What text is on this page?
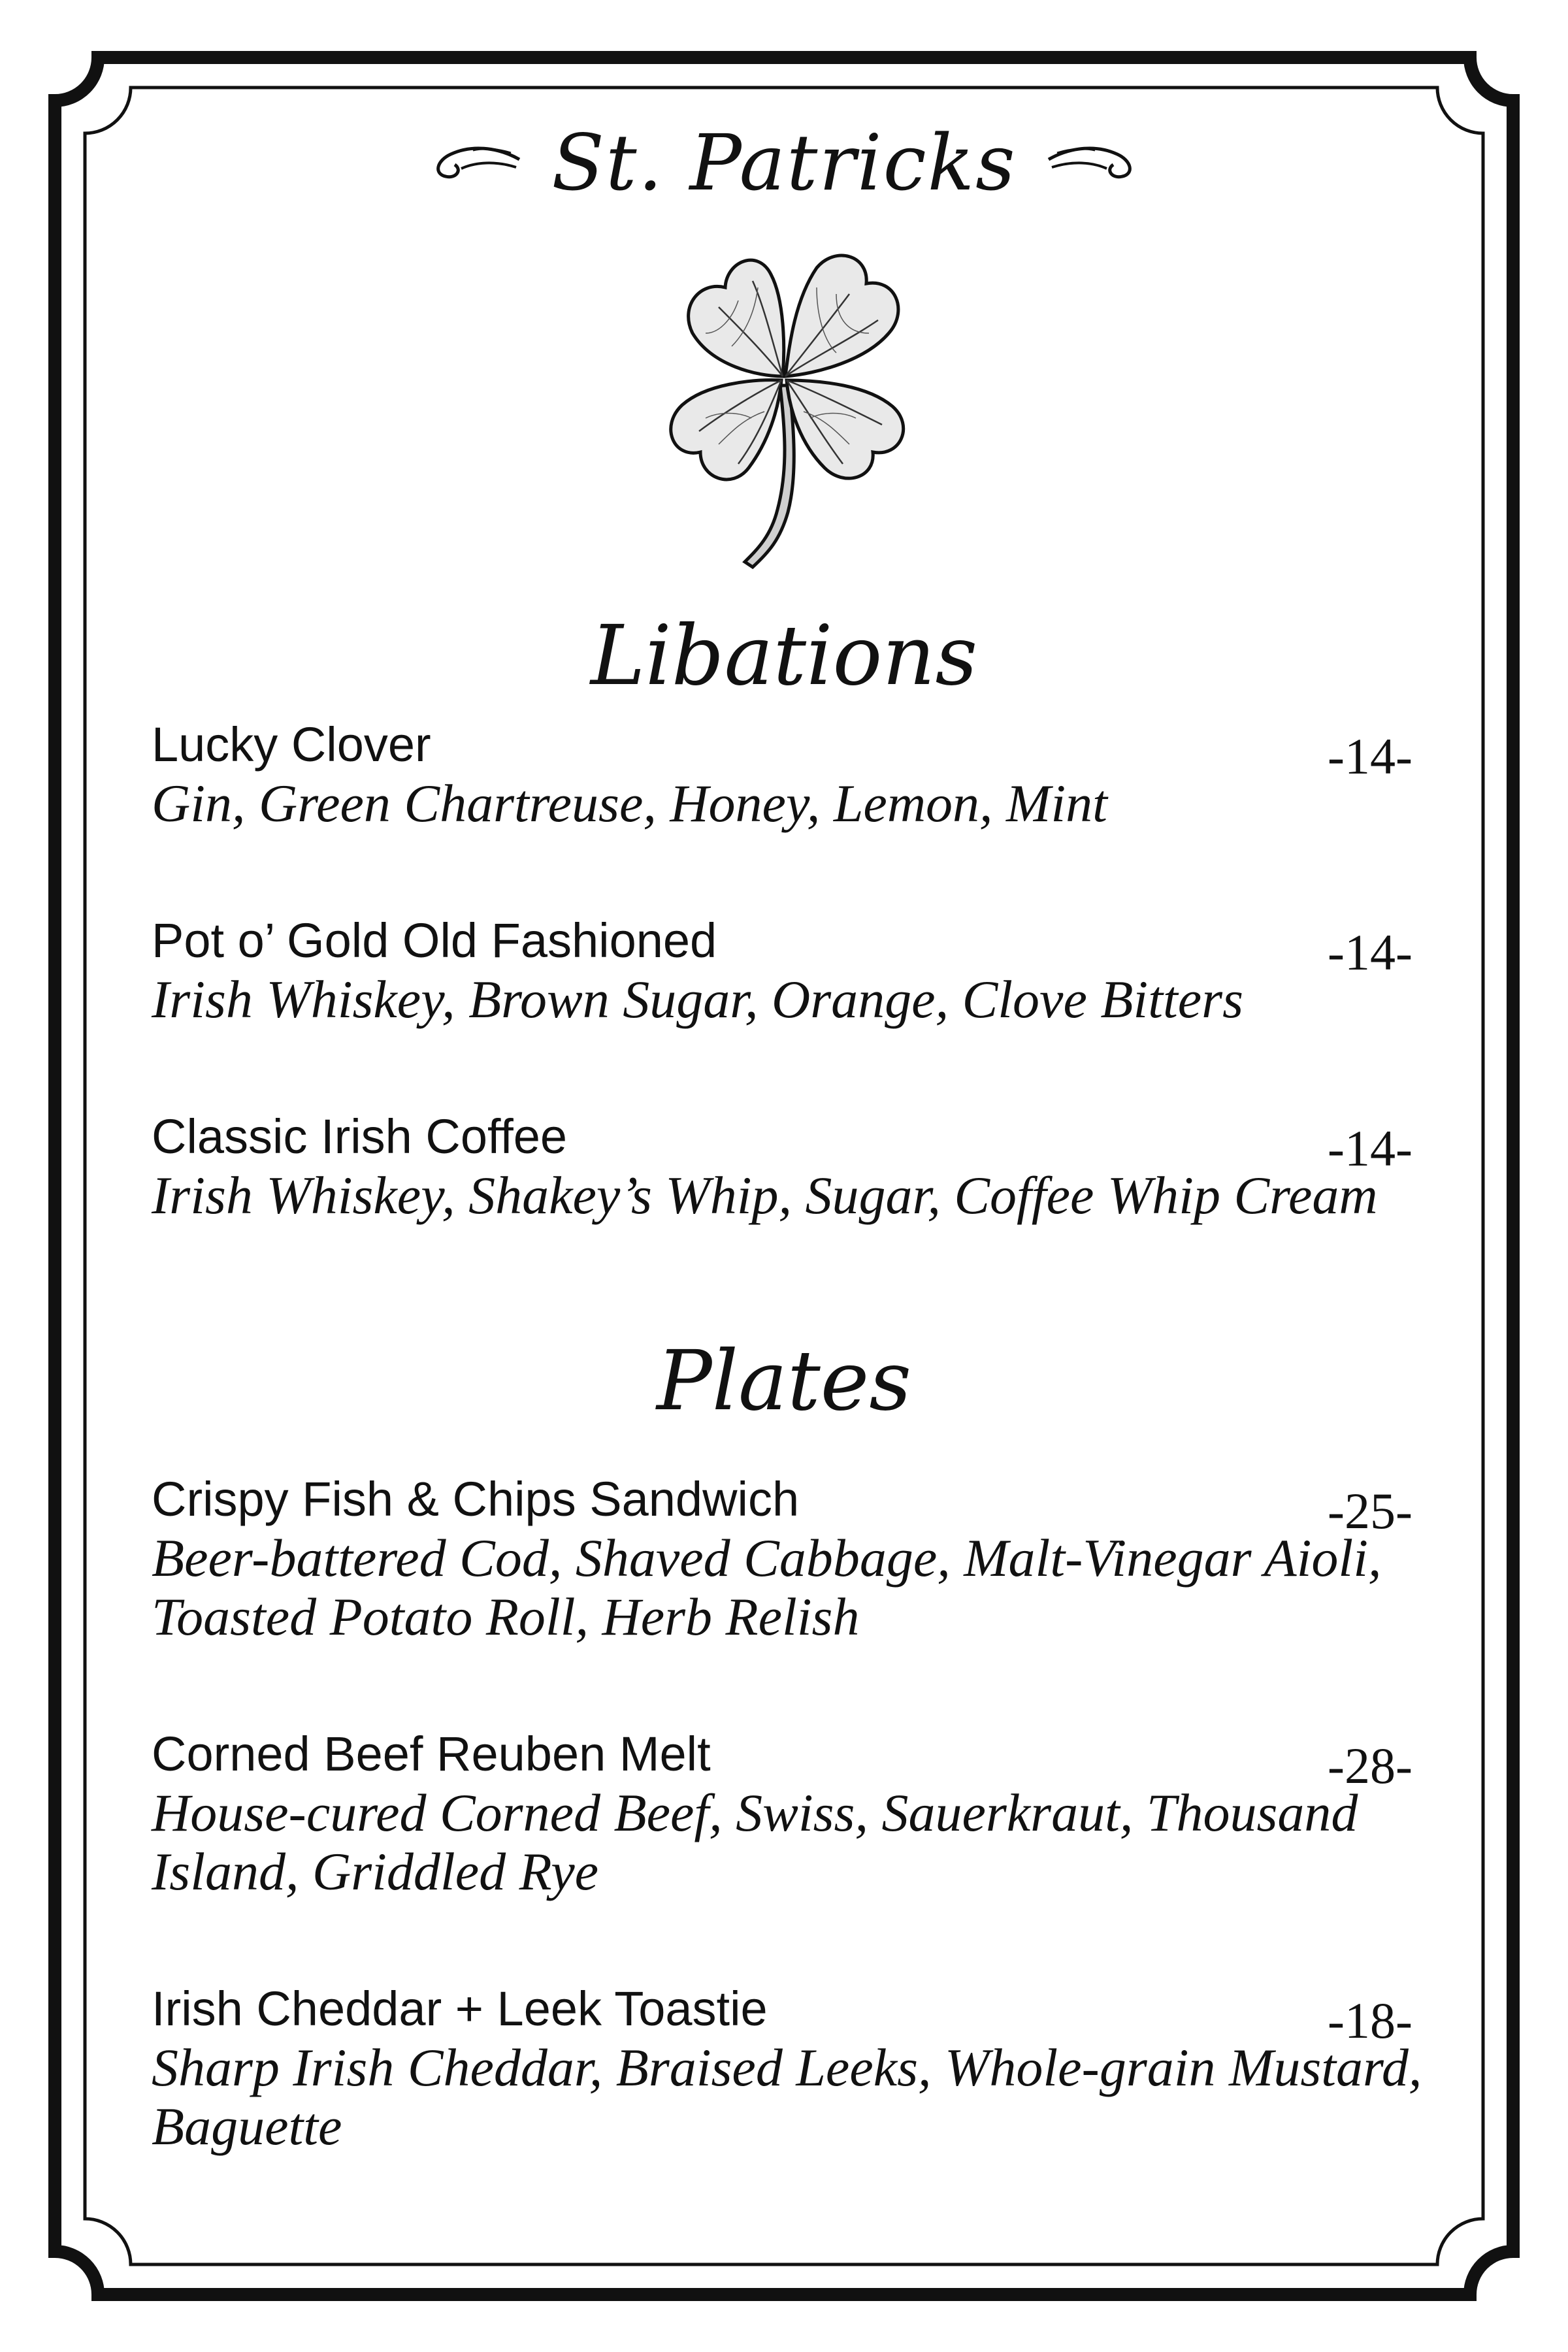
St. Patricks
Libations
Lucky Clover	-14-
Gin, Green Chartreuse, Honey, Lemon, Mint
Pot o’ Gold Old Fashioned	-14-
Irish Whiskey, Brown Sugar, Orange, Clove Bitters
Classic Irish Coffee	-14-
Irish Whiskey, Shakey’s Whip, Sugar, Coffee Whip Cream
Plates
Crispy Fish & Chips Sandwich	-25-
Beer-battered Cod, Shaved Cabbage, Malt-Vinegar Aioli, Toasted Potato Roll, Herb Relish
Corned Beef Reuben Melt	-28-
House-cured Corned Beef, Swiss, Sauerkraut, Thousand Island, Griddled Rye
Irish Cheddar + Leek Toastie	-18-
Sharp Irish Cheddar, Braised Leeks, Whole-grain Mustard, Baguette
